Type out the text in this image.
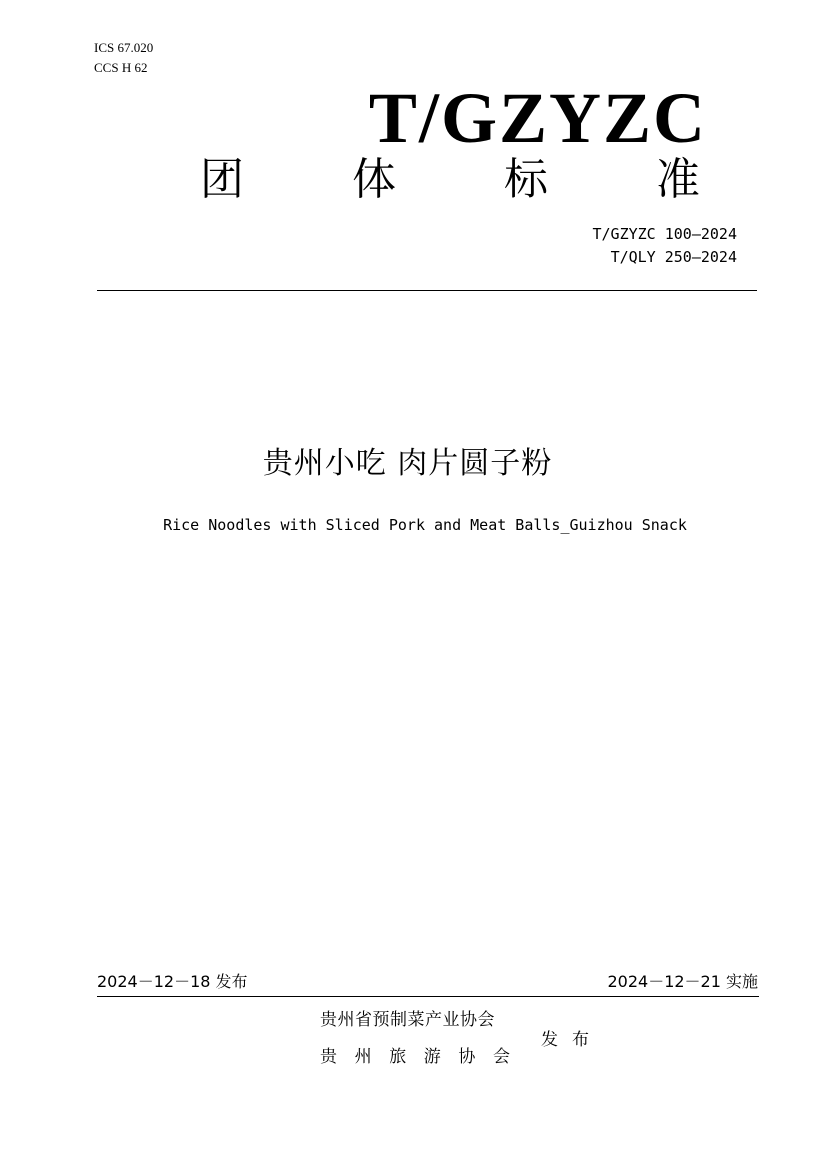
ICS 67.020
CCS H 62
T/GZYZC
团 体 标 准
T/GZYZC 100—2024
T/QLY 250—2024
贵州小吃 肉片圆子粉
Rice Noodles with Sliced Pork and Meat Balls_Guizhou Snack
2024－12－18 发布	2024－12－21 实施
贵州省预制菜产业协会
贵 州 旅 游 协 会
发 布
